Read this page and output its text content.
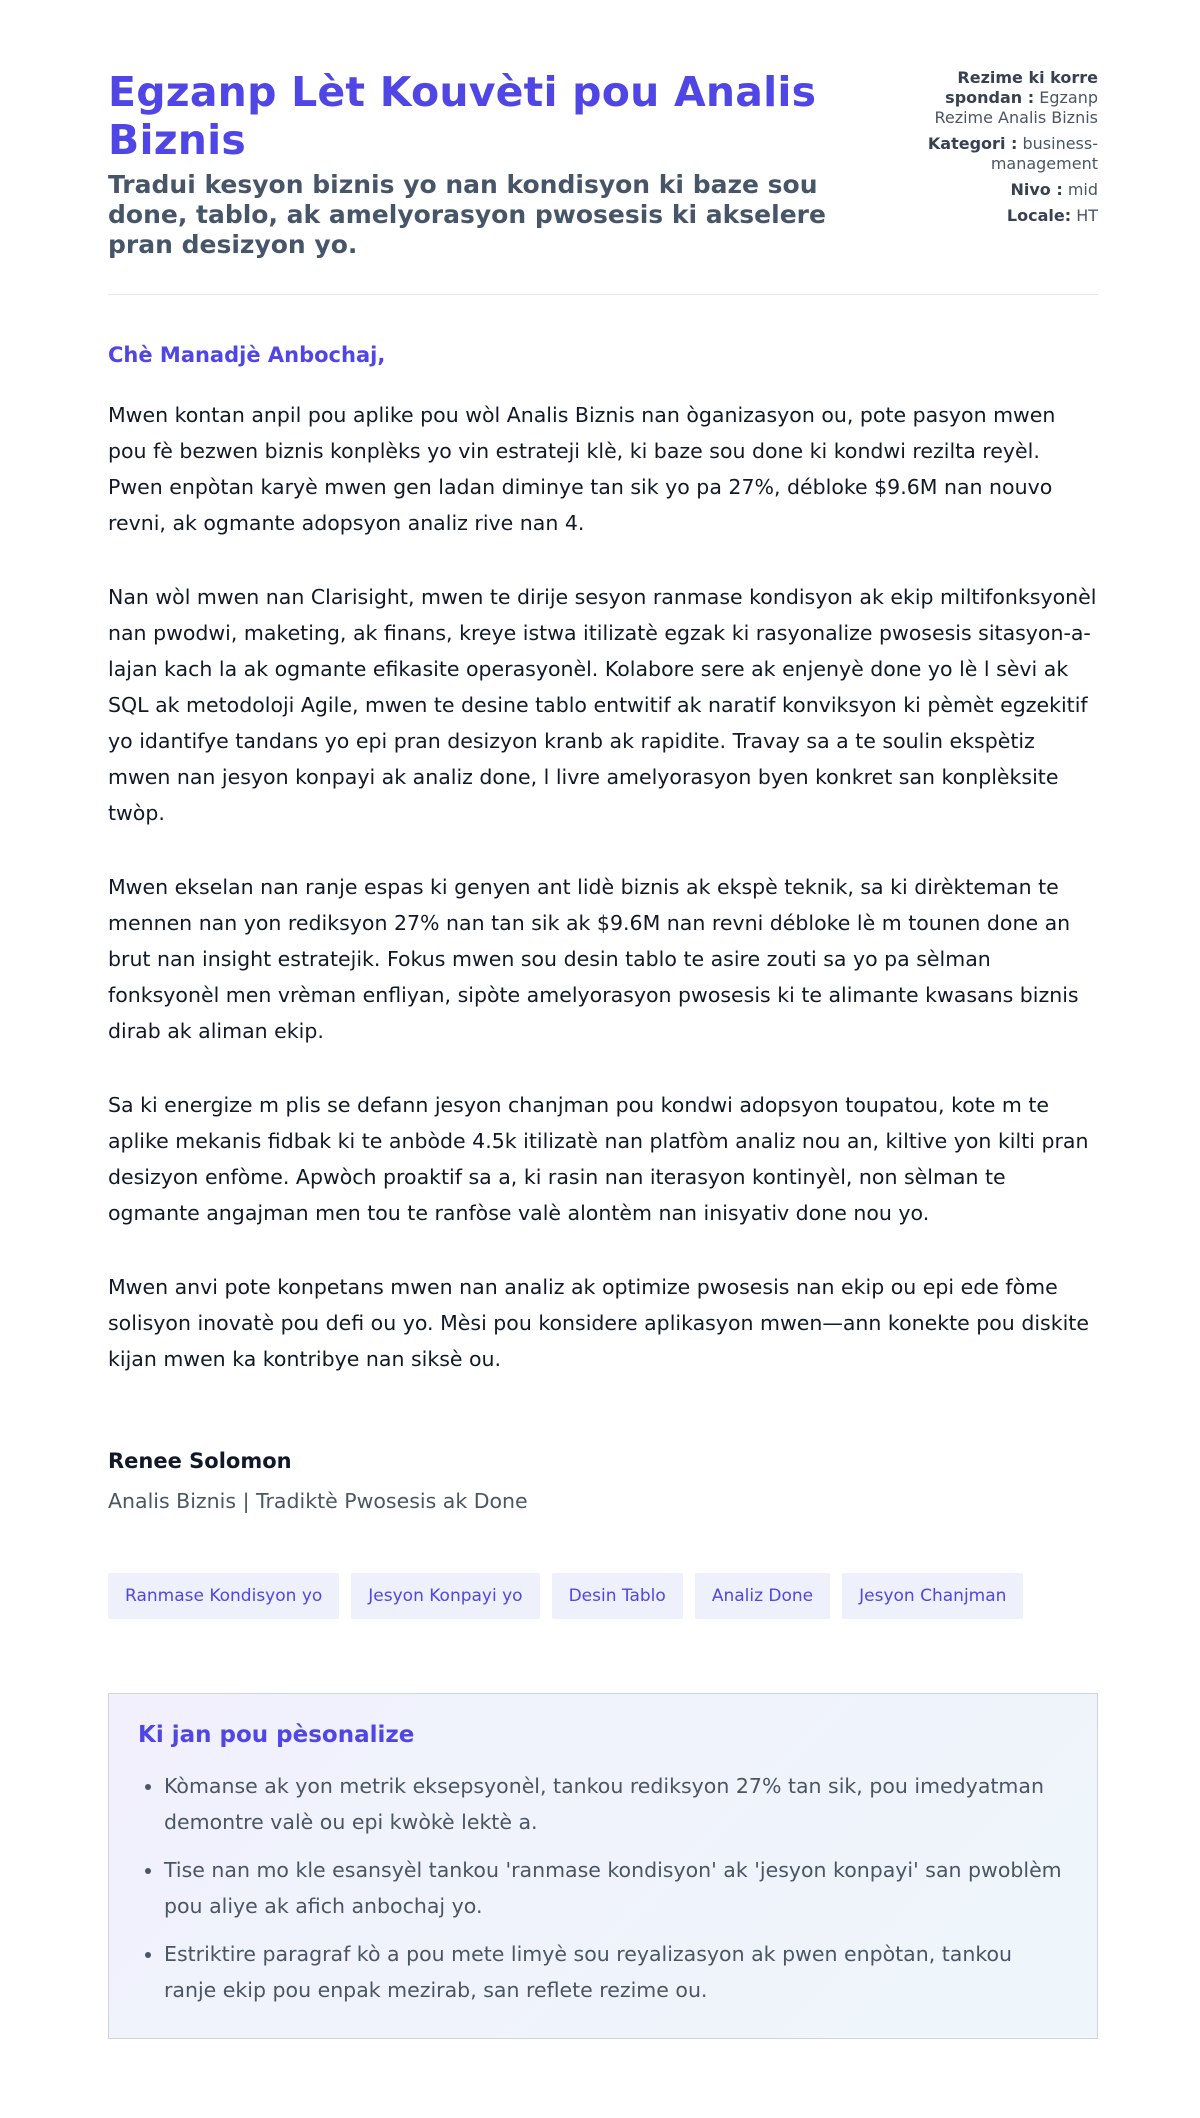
Egzanp Lèt Kouvèti pou Analis Biznis
Tradui kesyon biznis yo nan kondisyon ki baze sou done, tablo, ak amelyorasyon pwosesis ki akselere pran desizyon yo.
Rezime ki korre spondan : Egzanp Rezime Analis Biznis
Kategori : business-management
Nivo : mid
Locale: HT
Chè Manadjè Anbochaj,

Mwen kontan anpil pou aplike pou wòl Analis Biznis nan òganizasyon ou, pote pasyon mwen pou fè bezwen biznis konplèks yo vin estrateji klè, ki baze sou done ki kondwi rezilta reyèl. Pwen enpòtan karyè mwen gen ladan diminye tan sik yo pa 27%, débloke $9.6M nan nouvo revni, ak ogmante adopsyon analiz rive nan 4.

Nan wòl mwen nan Clarisight, mwen te dirije sesyon ranmase kondisyon ak ekip miltifonksyonèl nan pwodwi, maketing, ak finans, kreye istwa itilizatè egzak ki rasyonalize pwosesis sitasyon-a-lajan kach la ak ogmante efikasite operasyonèl. Kolabore sere ak enjenyè done yo lè l sèvi ak SQL ak metodoloji Agile, mwen te desine tablo entwitif ak naratif konviksyon ki pèmèt egzekitif yo idantifye tandans yo epi pran desizyon kranb ak rapidite. Travay sa a te soulin ekspètiz mwen nan jesyon konpayi ak analiz done, l livre amelyorasyon byen konkret san konplèksite twòp.

Mwen ekselan nan ranje espas ki genyen ant lidè biznis ak ekspè teknik, sa ki dirèkteman te mennen nan yon rediksyon 27% nan tan sik ak $9.6M nan revni débloke lè m tounen done an brut nan insight estratejik. Fokus mwen sou desin tablo te asire zouti sa yo pa sèlman fonksyonèl men vrèman enfliyan, sipòte amelyorasyon pwosesis ki te alimante kwasans biznis dirab ak aliman ekip.

Sa ki energize m plis se defann jesyon chanjman pou kondwi adopsyon toupatou, kote m te aplike mekanis fidbak ki te anbòde 4.5k itilizatè nan platfòm analiz nou an, kiltive yon kilti pran desizyon enfòme. Apwòch proaktif sa a, ki rasin nan iterasyon kontinyèl, non sèlman te ogmante angajman men tou te ranfòse valè alontèm nan inisyativ done nou yo.

Mwen anvi pote konpetans mwen nan analiz ak optimize pwosesis nan ekip ou epi ede fòme solisyon inovatè pou defi ou yo. Mèsi pou konsidere aplikasyon mwen—ann konekte pou diskite kijan mwen ka kontribye nan siksè ou.

Renee Solomon
Analis Biznis | Tradiktè Pwosesis ak Done
Ranmase Kondisyon yo	Jesyon Konpayi yo	Desin Tablo	Analiz Done	Jesyon Chanjman
Ki jan pou pèsonalize
• Kòmanse ak yon metrik eksepsyonèl, tankou rediksyon 27% tan sik, pou imedyatman demontre valè ou epi kwòkè lektè a.
• Tise nan mo kle esansyèl tankou 'ranmase kondisyon' ak 'jesyon konpayi' san pwoblèm pou aliye ak afich anbochaj yo.
• Estriktire paragraf kò a pou mete limyè sou reyalizasyon ak pwen enpòtan, tankou ranje ekip pou enpak mezirab, san reflete rezime ou.
